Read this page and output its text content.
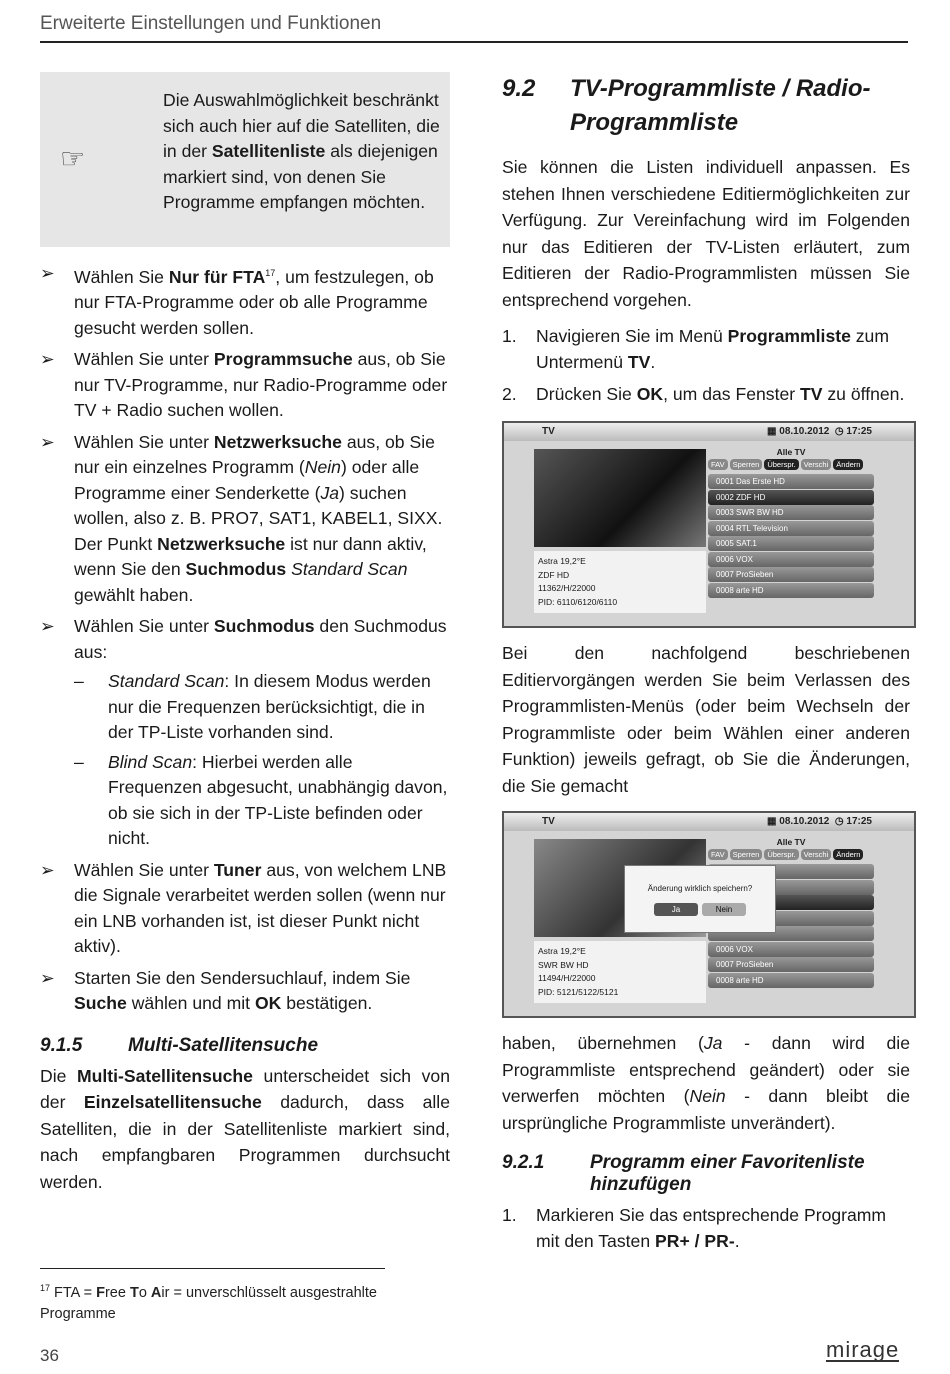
Erweiterte Einstellungen und Funktionen
☞
Die Auswahlmöglichkeit beschränkt sich auch hier auf die Satelliten, die in der Satellitenliste als diejenigen markiert sind, von denen Sie Programme empfangen möchten.
➢ Wählen Sie Nur für FTA$^{17}$, um festzulegen, ob nur FTA-Programme oder ob alle Programme gesucht werden sollen.
➢ Wählen Sie unter Programmsuche aus, ob Sie nur TV-Programme, nur Radio-Programme oder TV + Radio suchen wollen.
➢ Wählen Sie unter Netzwerksuche aus, ob Sie nur ein einzelnes Programm (Nein) oder alle Programme einer Senderkette (Ja) suchen wollen, also z. B. PRO7, SAT1, KABEL1, SIXX. Der Punkt Netzwerksuche ist nur dann aktiv, wenn Sie den Suchmodus Standard Scan gewählt haben.
➢ Wählen Sie unter Suchmodus den Suchmodus aus:
– Standard Scan: In diesem Modus werden nur die Frequenzen berücksichtigt, die in der TP-Liste vorhanden sind.
– Blind Scan: Hierbei werden alle Frequenzen abgesucht, unabhängig davon, ob sie sich in der TP-Liste befinden oder nicht.
➢ Wählen Sie unter Tuner aus, von welchem LNB die Signale verarbeitet werden sollen (wenn nur ein LNB vorhanden ist, ist dieser Punkt nicht aktiv).
➢ Starten Sie den Sendersuchlauf, indem Sie Suche wählen und mit OK bestätigen.
9.1.5	Multi-Satellitensuche

Die Multi-Satellitensuche unterscheidet sich von der Einzelsatellitensuche dadurch, dass alle Satelliten, die in der Satellitenliste markiert sind, nach empfangbaren Programmen durchsucht werden.

$^{17}$ FTA = Free To Air = unverschlüsselt ausgestrahlte Programme
36	mirage
9.2	TV-Programmliste / Radio-Programmliste

Sie können die Listen individuell anpassen. Es stehen Ihnen verschiedene Editiermöglichkeiten zur Verfügung. Zur Vereinfachung wird im Folgenden nur das Editieren der TV-Listen erläutert, zum Editieren der Radio-Programmlisten müssen Sie entsprechend vorgehen.

1. Navigieren Sie im Menü Programmliste zum Untermenü TV.
2. Drücken Sie OK, um das Fenster TV zu öffnen.
TV	▦ 08.10.2012 ◷ 17:25
Astra 19,2°E
ZDF HD
11362/H/22000
PID: 6110/6120/6110
Alle TV
FAV	Sperren	Überspr.	Verschi	Ändern
0001 Das Erste HD
0002 ZDF HD
0003 SWR BW HD
0004 RTL Television
0005 SAT.1
0006 VOX
0007 ProSieben
0008 arte HD

Bei den nachfolgend beschriebenen Editiervorgängen werden Sie beim Verlassen des Programmlisten-Menüs (oder beim Wechseln der Programmliste oder beim Wählen einer anderen Funktion) jeweils gefragt, ob Sie die Änderungen, die Sie gemacht

TV	▦ 08.10.2012 ◷ 17:25
Astra 19,2°E
SWR BW HD
11494/H/22000
PID: 5121/5122/5121
Alle TV
FAV	Sperren	Überspr.	Verschi	Ändern
0006 VOX
0007 ProSieben
0008 arte HD
Änderung wirklich speichern?
Ja	Nein

haben, übernehmen (Ja - dann wird die Programmliste entsprechend geändert) oder sie verwerfen möchten (Nein - dann bleibt die ursprüngliche Programmliste unverändert).

9.2.1	Programm einer Favoritenliste hinzufügen
1. Markieren Sie das entsprechende Programm mit den Tasten PR+ / PR-.
